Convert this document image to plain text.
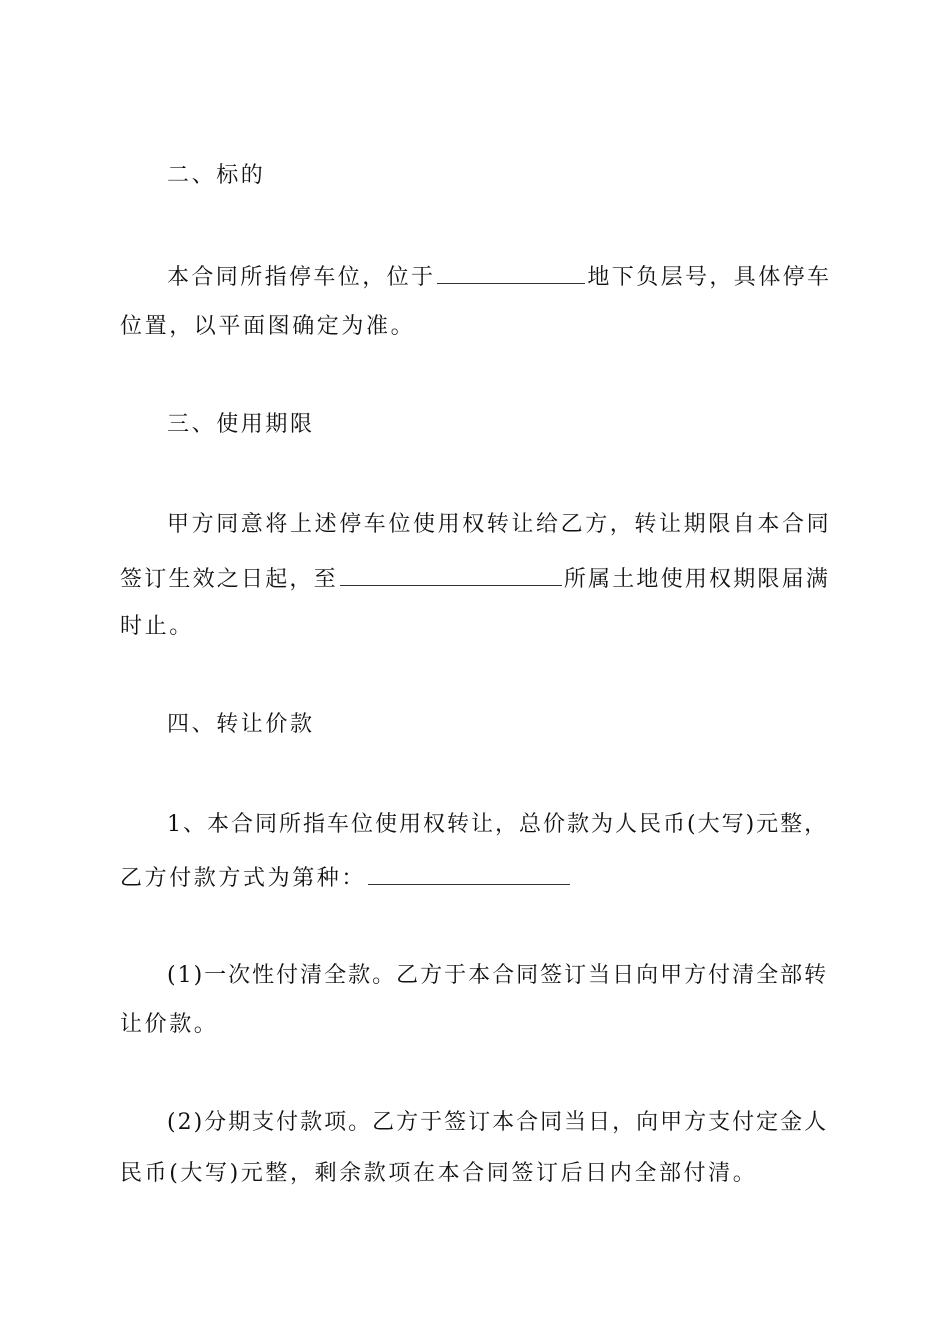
二、标的
本合同所指停车位，位于	地下负层号，具体停车
位置，以平面图确定为准。
三、使用期限
甲方同意将上述停车位使用权转让给乙方，转让期限自本合同
签订生效之日起，至	所属土地使用权期限届满
时止。
四、转让价款
1、本合同所指车位使用权转让，总价款为人民币(大写)元整，
乙方付款方式为第种：
(1)一次性付清全款。乙方于本合同签订当日向甲方付清全部转
让价款。
(2)分期支付款项。乙方于签订本合同当日，向甲方支付定金人
民币(大写)元整，剩余款项在本合同签订后日内全部付清。
